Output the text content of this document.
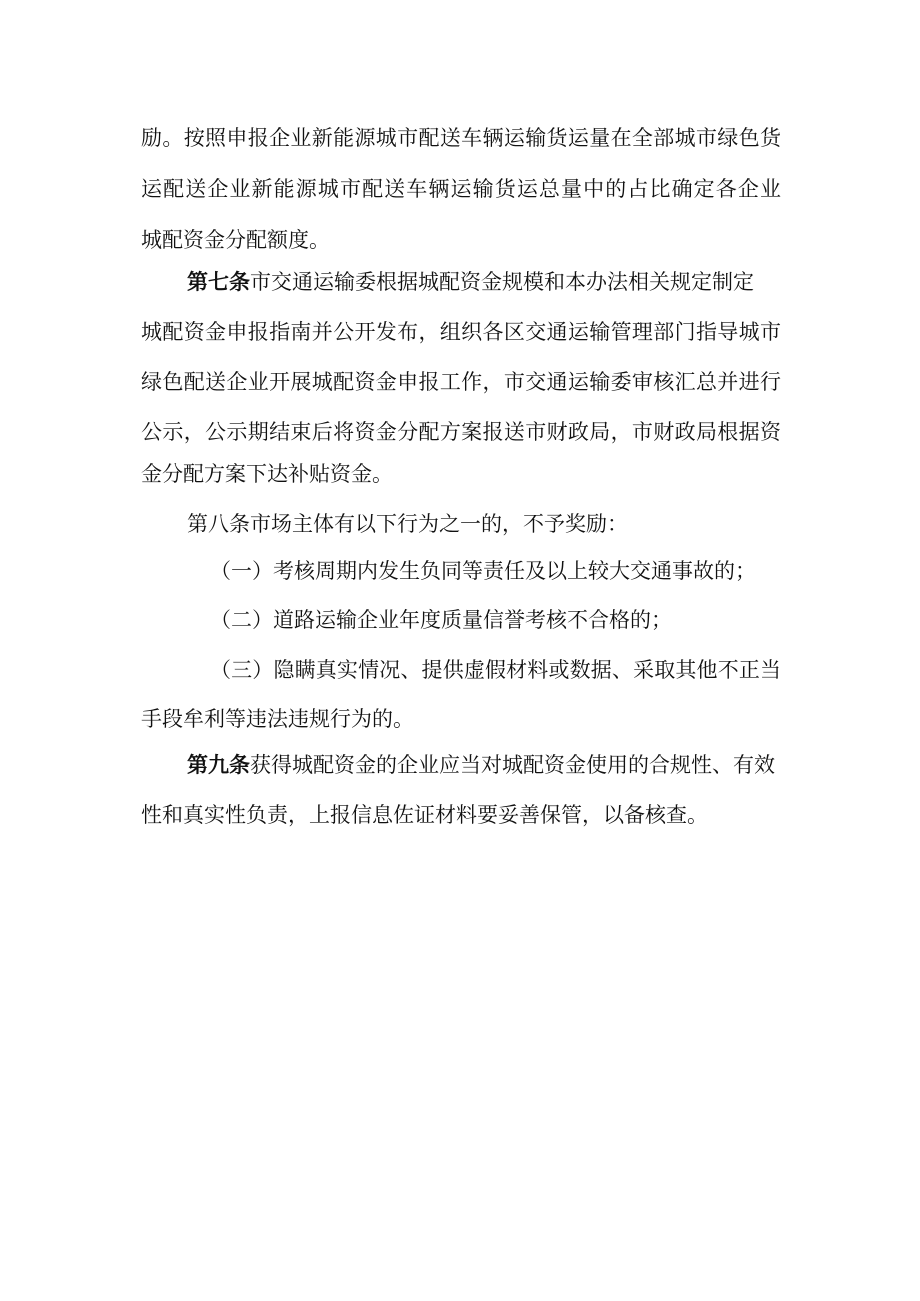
励。按照申报企业新能源城市配送车辆运输货运量在全部城市绿色货
运配送企业新能源城市配送车辆运输货运总量中的占比确定各企业
城配资金分配额度。
第七条市交通运输委根据城配资金规模和本办法相关规定制定
城配资金申报指南并公开发布，组织各区交通运输管理部门指导城市
绿色配送企业开展城配资金申报工作，市交通运输委审核汇总并进行
公示，公示期结束后将资金分配方案报送市财政局，市财政局根据资
金分配方案下达补贴资金。
第八条市场主体有以下行为之一的，不予奖励：
（一）考核周期内发生负同等责任及以上较大交通事故的；
（二）道路运输企业年度质量信誉考核不合格的；
（三）隐瞒真实情况、提供虚假材料或数据、采取其他不正当
手段牟利等违法违规行为的。
第九条获得城配资金的企业应当对城配资金使用的合规性、有效
性和真实性负责，上报信息佐证材料要妥善保管，以备核查。
